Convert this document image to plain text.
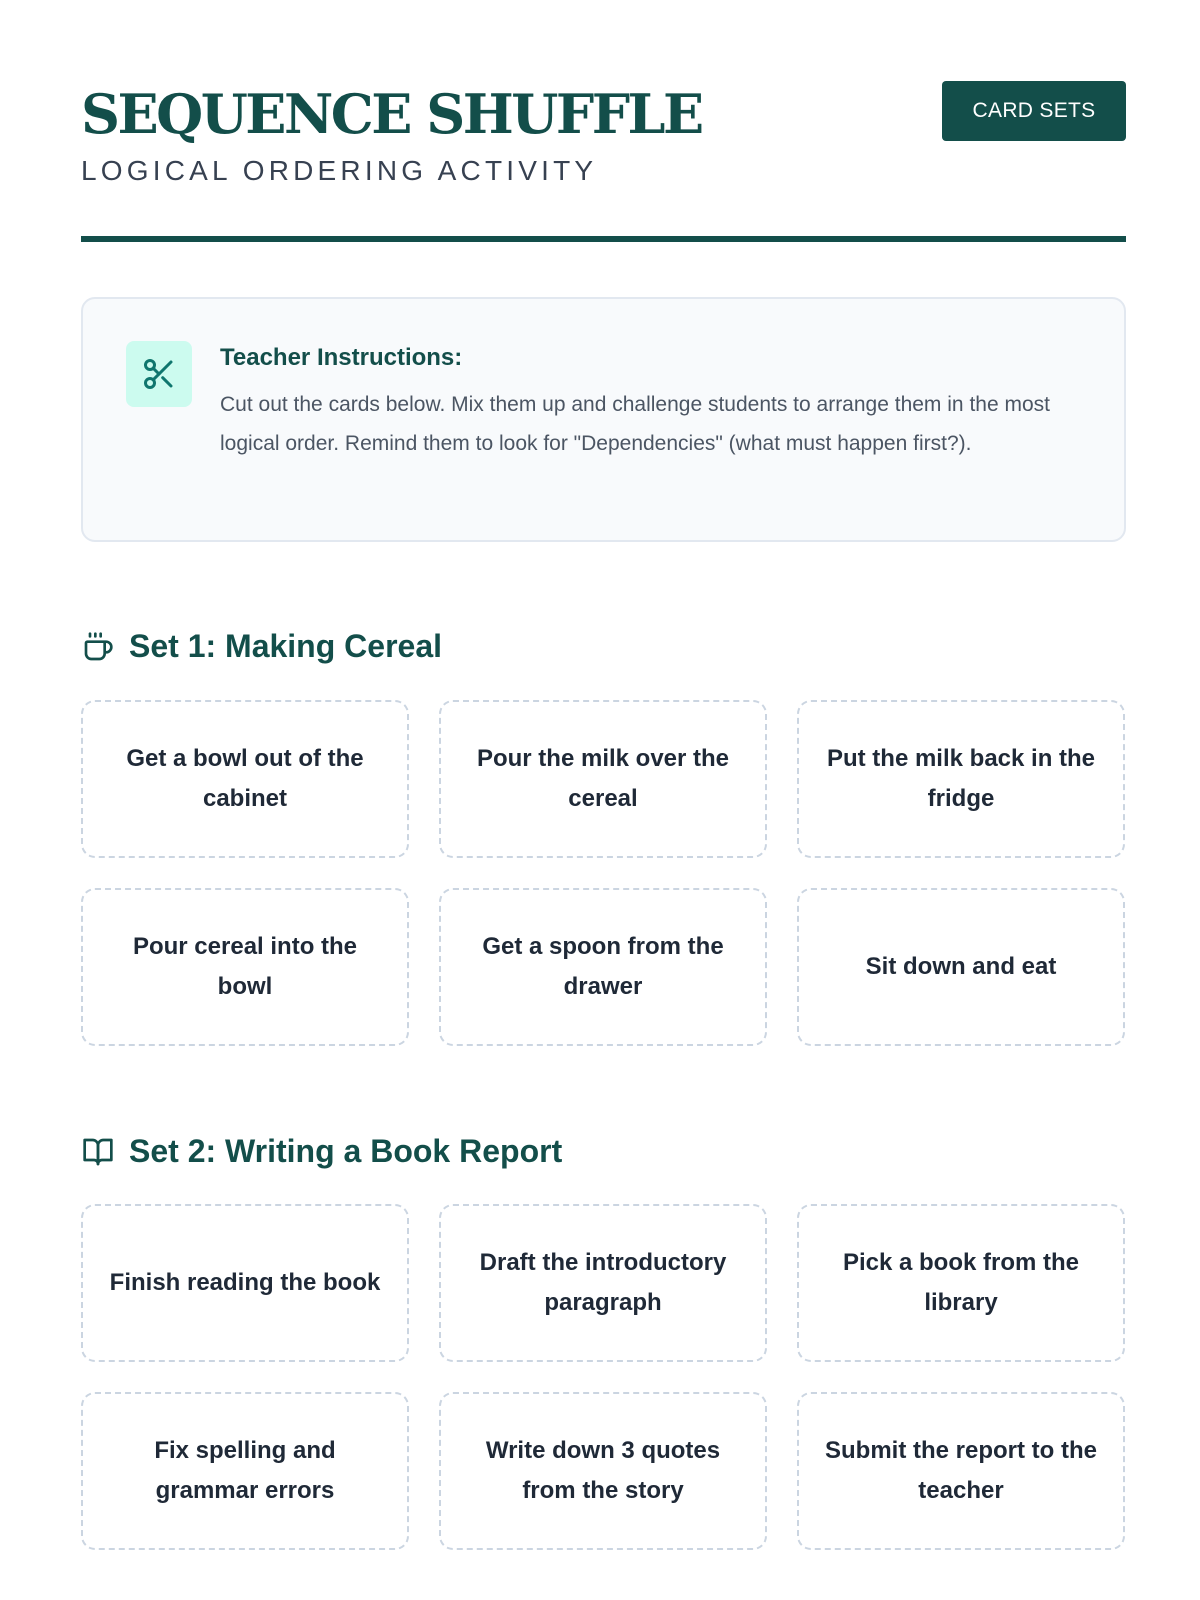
SEQUENCE SHUFFLE
LOGICAL ORDERING ACTIVITY
CARD SETS
Teacher Instructions:

Cut out the cards below. Mix them up and challenge students to arrange them in the most logical order. Remind them to look for "Dependencies" (what must happen first?).

Set 1: Making Cereal
Get a bowl out of the cabinet
Pour the milk over the cereal
Put the milk back in the fridge
Pour cereal into the bowl
Get a spoon from the drawer
Sit down and eat
Set 2: Writing a Book Report
Finish reading the book
Draft the introductory paragraph
Pick a book from the library
Fix spelling and grammar errors
Write down 3 quotes from the story
Submit the report to the teacher
